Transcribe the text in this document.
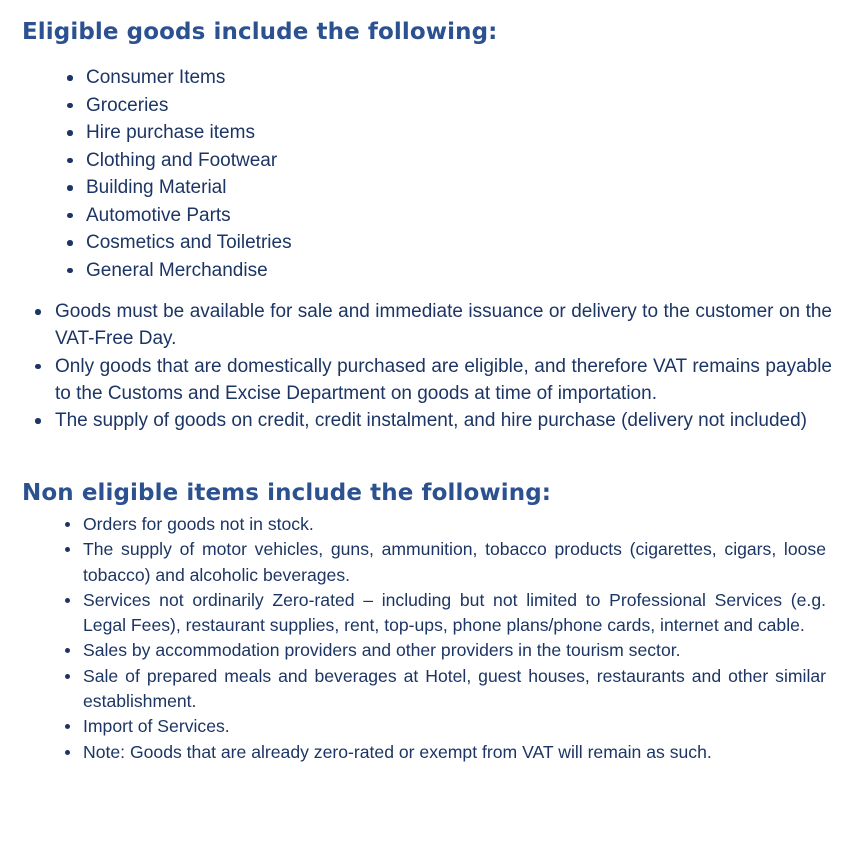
Eligible goods include the following:
Consumer Items
Groceries
Hire purchase items
Clothing and Footwear
Building Material
Automotive Parts
Cosmetics and Toiletries
General Merchandise
Goods must be available for sale and immediate issuance or delivery to the customer on the VAT-Free Day.
Only goods that are domestically purchased are eligible, and therefore VAT remains payable to the Customs and Excise Department on goods at time of importation.
The supply of goods on credit, credit instalment, and hire purchase (delivery not included)
Non eligible items include the following:
Orders for goods not in stock.
The supply of motor vehicles, guns, ammunition, tobacco products (cigarettes, cigars, loose tobacco) and alcoholic beverages.
Services not ordinarily Zero-rated – including but not limited to Professional Services (e.g. Legal Fees), restaurant supplies, rent, top-ups, phone plans/phone cards, internet and cable.
Sales by accommodation providers and other providers in the tourism sector.
Sale of prepared meals and beverages at Hotel, guest houses, restaurants and other similar establishment.
Import of Services.
Note: Goods that are already zero-rated or exempt from VAT will remain as such.
